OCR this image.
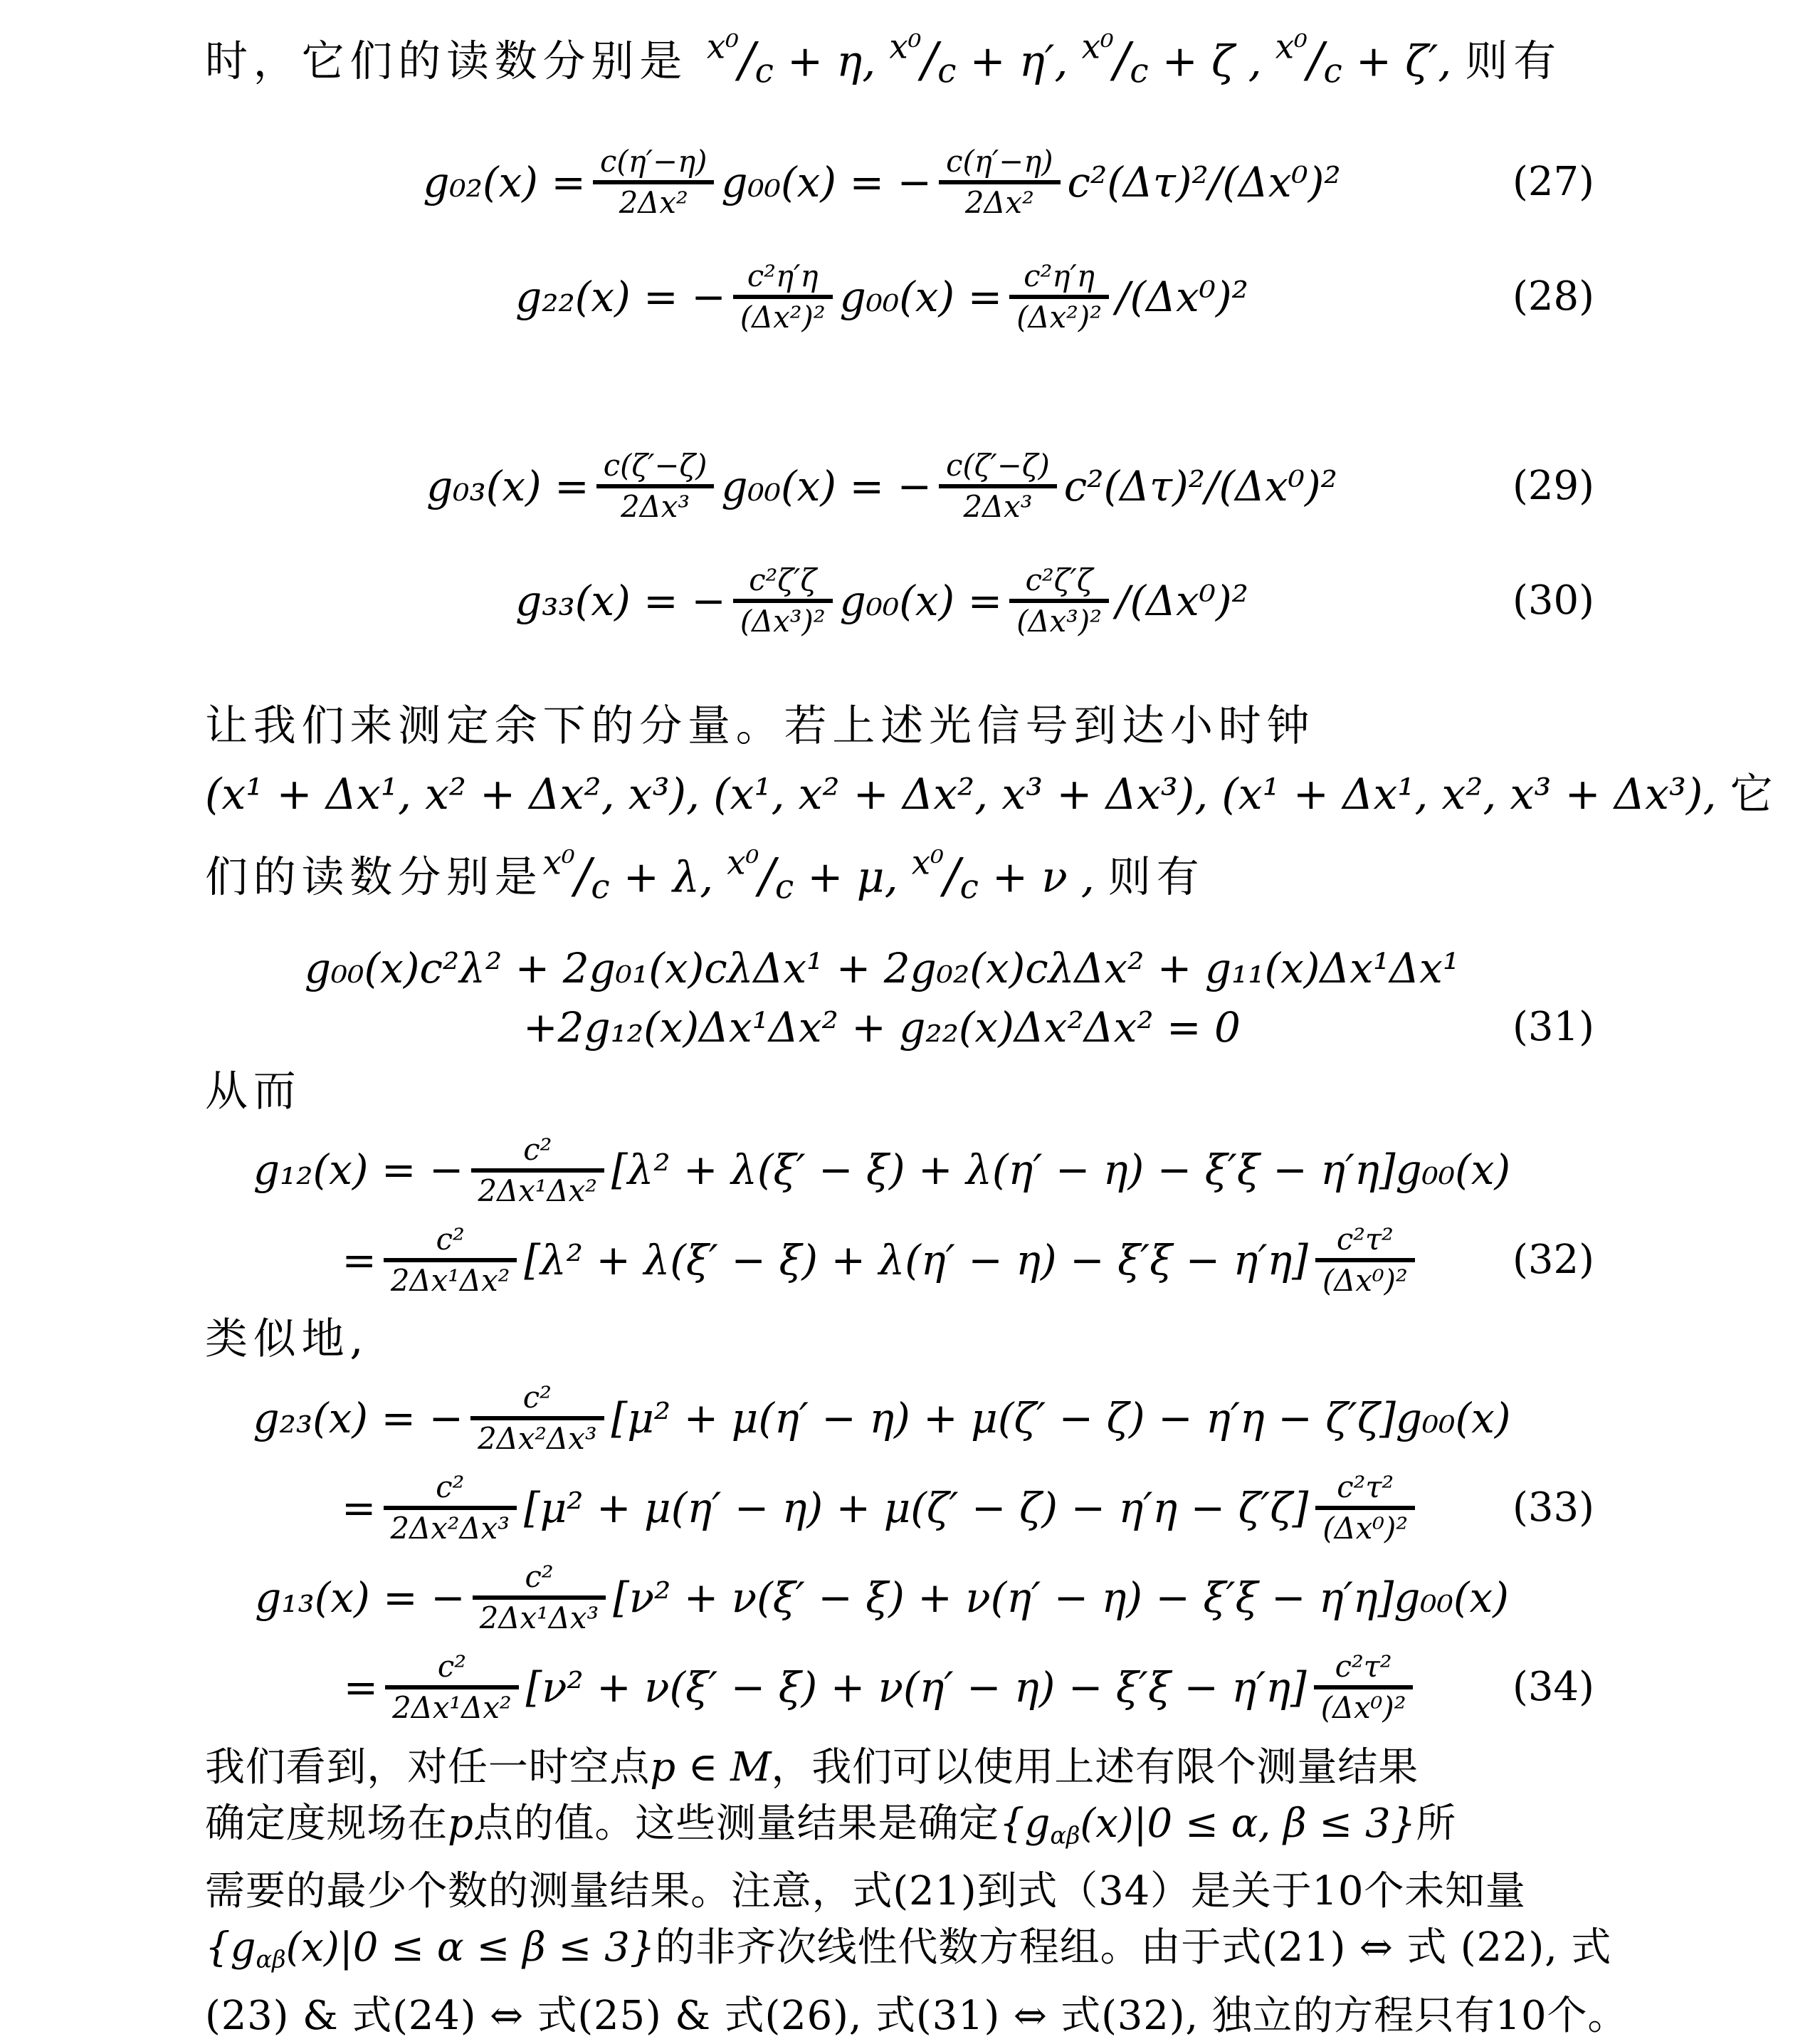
时，它们的读数分别是 $^{x^0}$/c + η, $^{x^0}$/c + η′, $^{x^0}$/c + ζ , $^{x^0}$/c + ζ′, 则有
g₀₂(x) = c(η′−η)
2Δx² g₀₀(x) = − c(η′−η)
2Δx² c²(Δτ)²/(Δx⁰)²	(27)
g₂₂(x) = − c²η′η
(Δx²)² g₀₀(x) = c²η′η
(Δx²)² /(Δx⁰)²	(28)
g₀₃(x) = c(ζ′−ζ)
2Δx³ g₀₀(x) = − c(ζ′−ζ)
2Δx³ c²(Δτ)²/(Δx⁰)²	(29)
g₃₃(x) = − c²ζ′ζ
(Δx³)² g₀₀(x) = c²ζ′ζ
(Δx³)² /(Δx⁰)²	(30)
让我们来测定余下的分量。若上述光信号到达小时钟
(x¹ + Δx¹, x² + Δx², x³), (x¹, x² + Δx², x³ + Δx³), (x¹ + Δx¹, x², x³ + Δx³), 它
们的读数分别是$^{x^0}$/c + λ, $^{x^0}$/c + μ, $^{x^0}$/c + ν , 则有
g₀₀(x)c²λ² + 2g₀₁(x)cλΔx¹ + 2g₀₂(x)cλΔx² + g₁₁(x)Δx¹Δx¹
+2g₁₂(x)Δx¹Δx² + g₂₂(x)Δx²Δx² = 0	(31)
从而
g₁₂(x) = − c²
2Δx¹Δx² [λ² + λ(ξ′ − ξ) + λ(η′ − η) − ξ′ξ − η′η]g₀₀(x)
= c²
2Δx¹Δx² [λ² + λ(ξ′ − ξ) + λ(η′ − η) − ξ′ξ − η′η] c²τ²
(Δx⁰)²	(32)
类似地,
g₂₃(x) = − c²
2Δx²Δx³ [μ² + μ(η′ − η) + μ(ζ′ − ζ) − η′η − ζ′ζ]g₀₀(x)
= c²
2Δx²Δx³ [μ² + μ(η′ − η) + μ(ζ′ − ζ) − η′η − ζ′ζ] c²τ²
(Δx⁰)²	(33)
g₁₃(x) = − c²
2Δx¹Δx³ [ν² + ν(ξ′ − ξ) + ν(η′ − η) − ξ′ξ − η′η]g₀₀(x)
= c²
2Δx¹Δx² [ν² + ν(ξ′ − ξ) + ν(η′ − η) − ξ′ξ − η′η] c²τ²
(Δx⁰)²	(34)
我们看到，对任一时空点p ∈ M，我们可以使用上述有限个测量结果
确定度规场在p点的值。这些测量结果是确定{gαβ(x)|0 ≤ α, β ≤ 3}所
需要的最少个数的测量结果。注意，式(21)到式（34）是关于10个未知量
{gαβ(x)|0 ≤ α ≤ β ≤ 3}的非齐次线性代数方程组。由于式(21) ⇔ 式 (22), 式
(23) & 式(24) ⇔ 式(25) & 式(26), 式(31) ⇔ 式(32), 独立的方程只有10个。
